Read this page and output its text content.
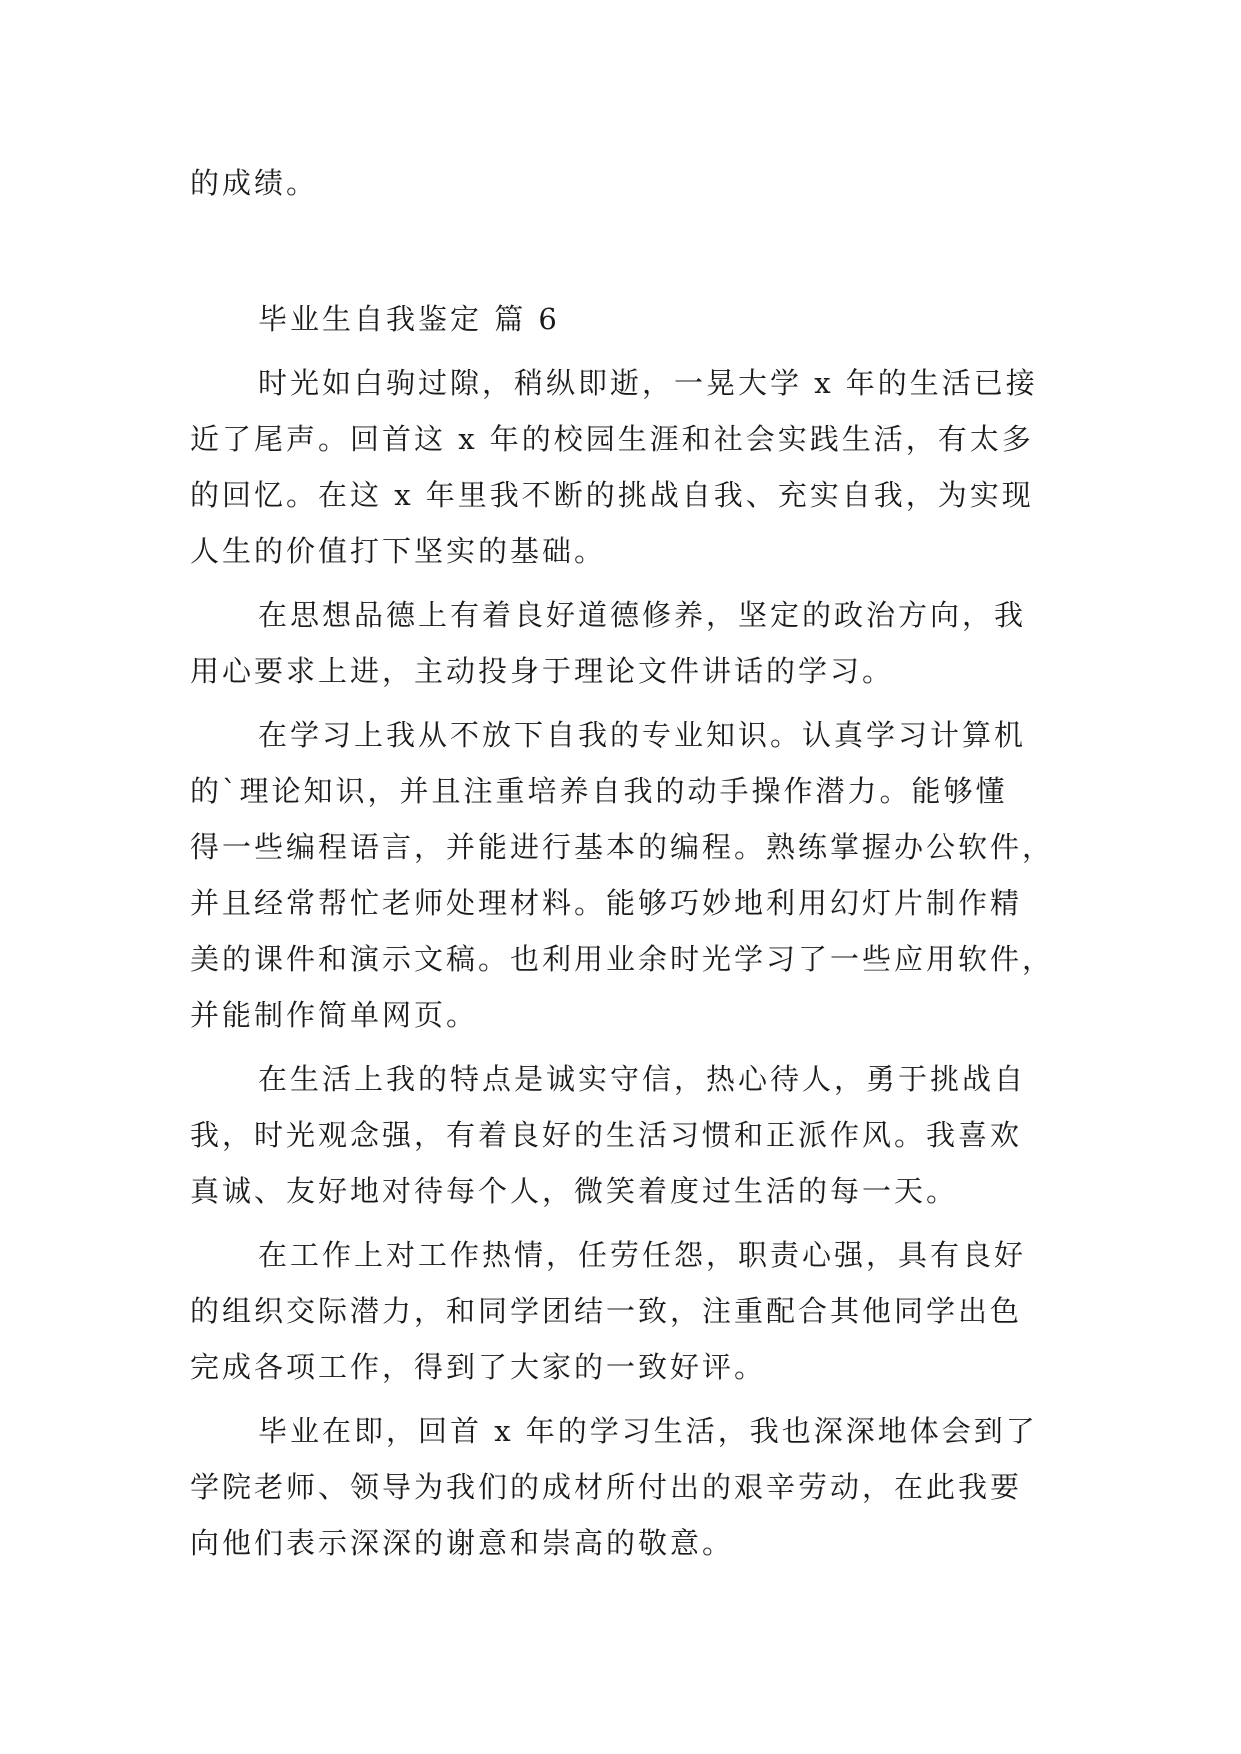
的成绩。

毕业生自我鉴定 篇 6

时光如白驹过隙，稍纵即逝，一晃大学 x 年的生活已接

近了尾声。回首这 x 年的校园生涯和社会实践生活，有太多

的回忆。在这 x 年里我不断的挑战自我、充实自我，为实现

人生的价值打下坚实的基础。

在思想品德上有着良好道德修养，坚定的政治方向，我

用心要求上进，主动投身于理论文件讲话的学习。

在学习上我从不放下自我的专业知识。认真学习计算机

的`理论知识，并且注重培养自我的动手操作潜力。能够懂

得一些编程语言，并能进行基本的编程。熟练掌握办公软件，

并且经常帮忙老师处理材料。能够巧妙地利用幻灯片制作精

美的课件和演示文稿。也利用业余时光学习了一些应用软件，

并能制作简单网页。

在生活上我的特点是诚实守信，热心待人，勇于挑战自

我，时光观念强，有着良好的生活习惯和正派作风。我喜欢

真诚、友好地对待每个人，微笑着度过生活的每一天。

在工作上对工作热情，任劳任怨，职责心强，具有良好

的组织交际潜力，和同学团结一致，注重配合其他同学出色

完成各项工作，得到了大家的一致好评。

毕业在即，回首 x 年的学习生活，我也深深地体会到了

学院老师、领导为我们的成材所付出的艰辛劳动，在此我要

向他们表示深深的谢意和崇高的敬意。
